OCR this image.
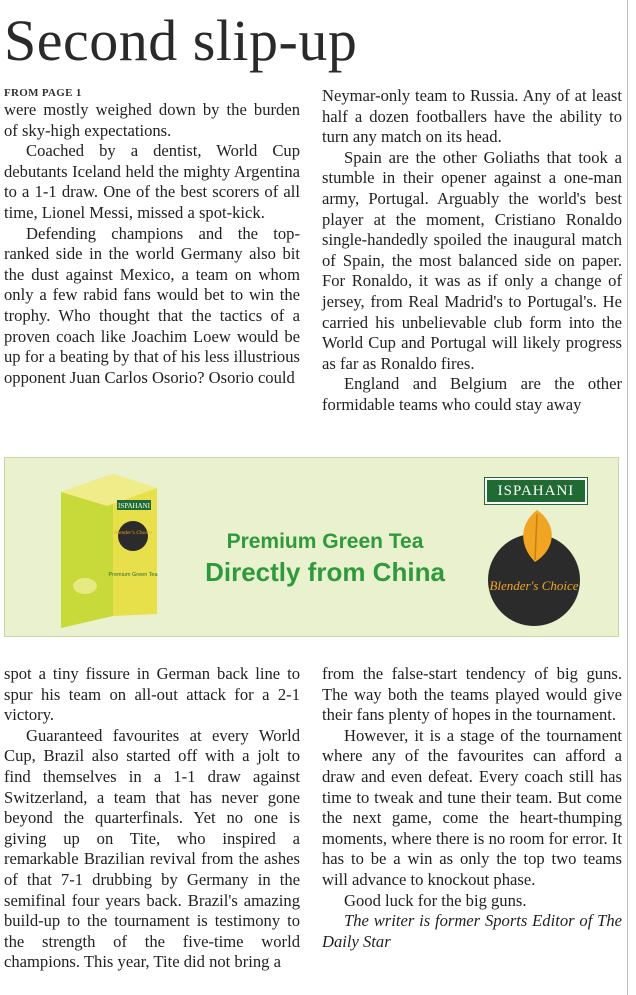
Second slip-up
FROM PAGE 1

were mostly weighed down by the burden of sky-high expectations.

Coached by a dentist, World Cup debutants Iceland held the mighty Argentina to a 1-1 draw. One of the best scorers of all time, Lionel Messi, missed a spot-kick.

Defending champions and the top-ranked side in the world Germany also bit the dust against Mexico, a team on whom only a few rabid fans would bet to win the trophy. Who thought that the tactics of a proven coach like Joachim Loew would be up for a beating by that of his less illustrious opponent Juan Carlos Osorio? Osorio could

Neymar-only team to Russia. Any of at least half a dozen footballers have the ability to turn any match on its head.

Spain are the other Goliaths that took a stumble in their opener against a one-man army, Portugal. Arguably the world's best player at the moment, Cristiano Ronaldo single-handedly spoiled the inaugural match of Spain, the most balanced side on paper. For Ronaldo, it was as if only a change of jersey, from Real Madrid's to Portugal's. He carried his unbelievable club form into the World Cup and Portugal will likely progress as far as Ronaldo fires.

England and Belgium are the other formidable teams who could stay away

ISPAHANI
Blender's Choice
Premium Green Tea
Premium Green Tea
Directly from China
ISPAHANI
Blender's Choice

spot a tiny fissure in German back line to spur his team on all-out attack for a 2-1 victory.

Guaranteed favourites at every World Cup, Brazil also started off with a jolt to find themselves in a 1-1 draw against Switzerland, a team that has never gone beyond the quarterfinals. Yet no one is giving up on Tite, who inspired a remarkable Brazilian revival from the ashes of that 7-1 drubbing by Germany in the semifinal four years back. Brazil's amazing build-up to the tournament is testimony to the strength of the five-time world champions. This year, Tite did not bring a

from the false-start tendency of big guns. The way both the teams played would give their fans plenty of hopes in the tournament.

However, it is a stage of the tournament where any of the favourites can afford a draw and even defeat. Every coach still has time to tweak and tune their team. But come the next game, come the heart-thumping moments, where there is no room for error. It has to be a win as only the top two teams will advance to knockout phase.

Good luck for the big guns.

The writer is former Sports Editor of The Daily Star
